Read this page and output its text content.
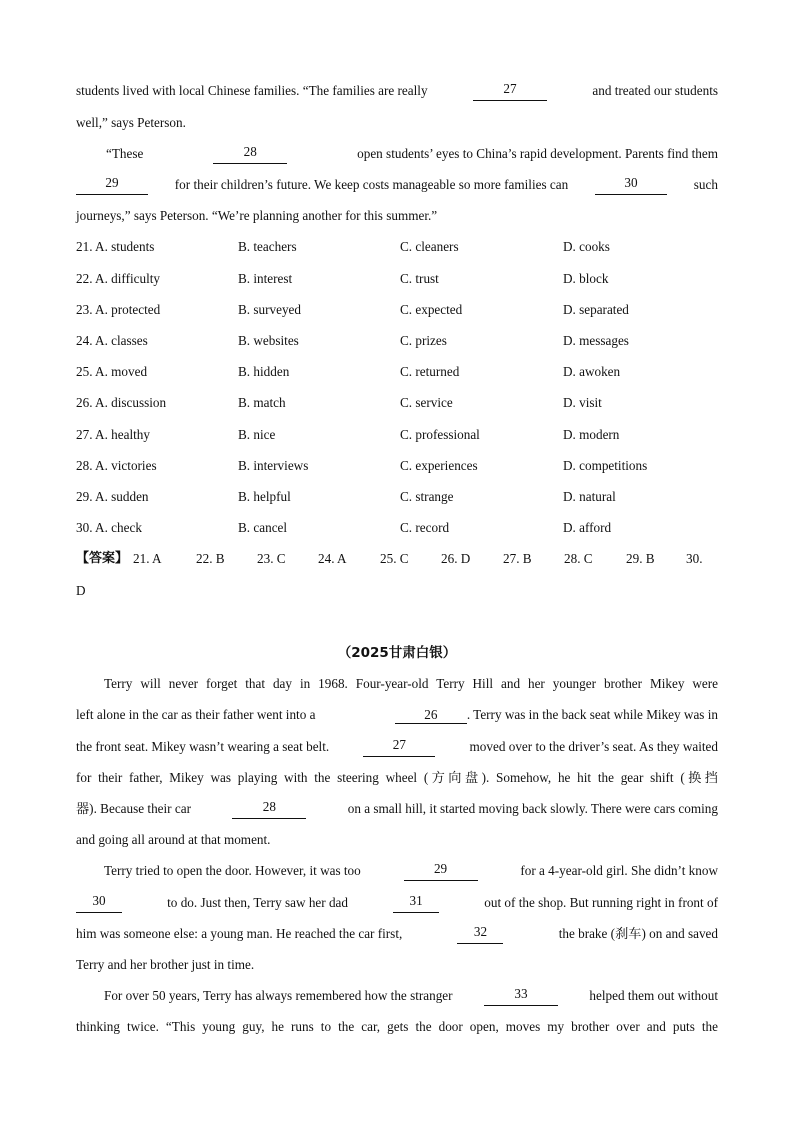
students lived with local Chinese families. “The families are really	27	and treated our students
well,” says Peterson.
“These	28	open students’ eyes to China’s rapid development. Parents find them
29	for their children’s future. We keep costs manageable so more families can	30	such
journeys,” says Peterson. “We’re planning another for this summer.”
21. A. students	B. teachers	C. cleaners	D. cooks
22. A. difficulty	B. interest	C. trust	D. block
23. A. protected	B. surveyed	C. expected	D. separated
24. A. classes	B. websites	C. prizes	D. messages
25. A. moved	B. hidden	C. returned	D. awoken
26. A. discussion	B. match	C. service	D. visit
27. A. healthy	B. nice	C. professional	D. modern
28. A. victories	B. interviews	C. experiences	D. competitions
29. A. sudden	B. helpful	C. strange	D. natural
30. A. check	B. cancel	C. record	D. afford
【答案】 21. A	22. B 23. C 24. A	25. C 26. D 27. B 28. C	29. B 30.
D
（2025甘肃白银）
Terry will never forget that day in 1968. Four-year-old Terry Hill and her younger brother Mikey were
left alone in the car as their father went into a	26 . Terry was in the back seat while Mikey was in
the front seat. Mikey wasn’t wearing a seat belt.	27	moved over to the driver’s seat. As they waited
for their father, Mikey was playing with the steering wheel (方向盘). Somehow, he hit the gear shift (换挡
器). Because their car	28	on a small hill, it started moving back slowly. There were cars coming
and going all around at that moment.
Terry tried to open the door. However, it was too	29	for a 4-year-old girl. She didn’t know
30	to do. Just then, Terry saw her dad	31	out of the shop. But running right in front of
him was someone else: a young man. He reached the car first,	32	the brake (刹车) on and saved
Terry and her brother just in time.
For over 50 years, Terry has always remembered how the stranger	33	helped them out without
thinking twice. “This young guy, he runs to the car, gets the door open, moves my brother over and puts the
